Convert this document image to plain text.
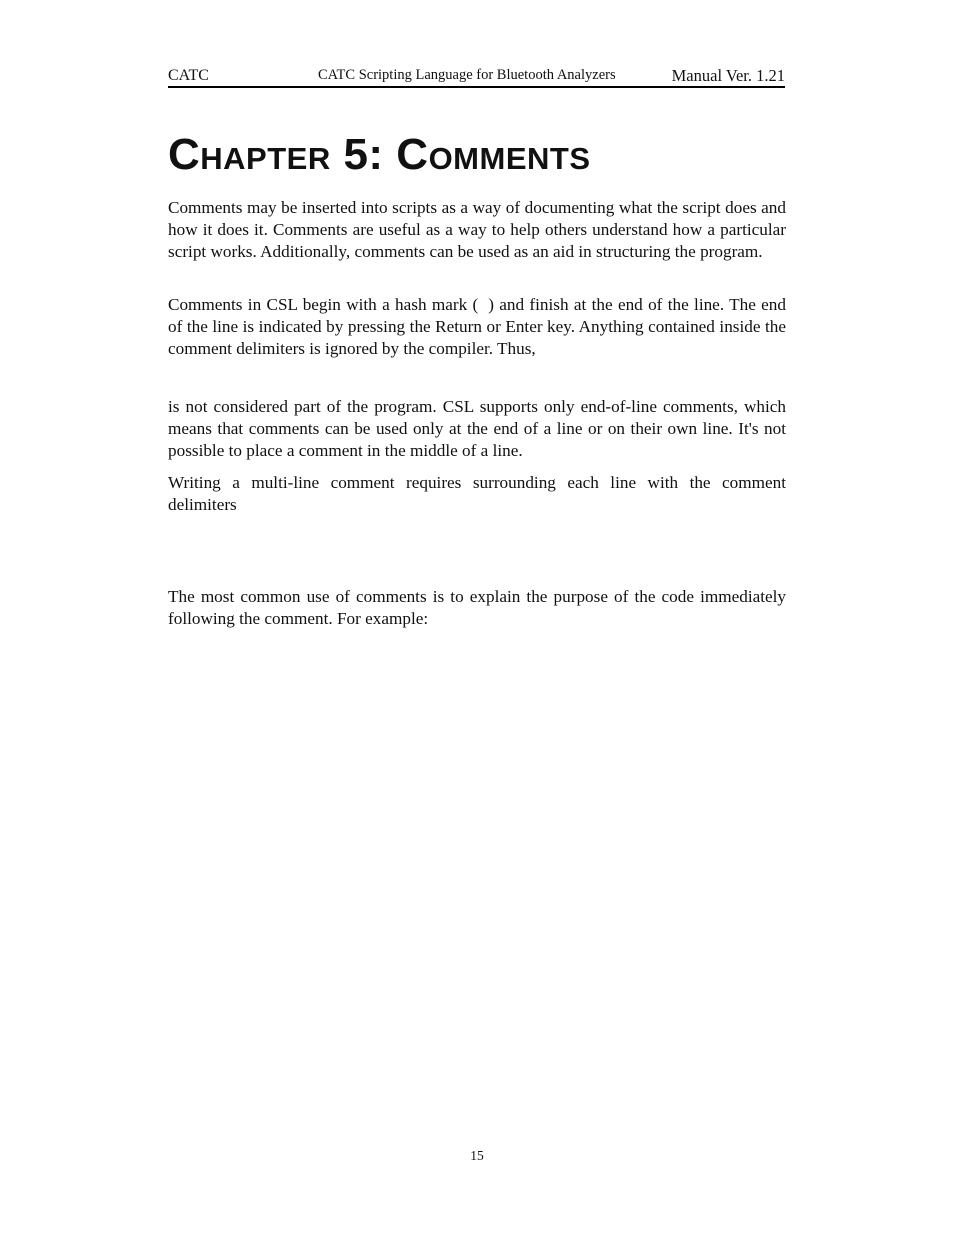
CATC	CATC Scripting Language for Bluetooth Analyzers	Manual Ver. 1.21
Chapter 5: Comments

Comments may be inserted into scripts as a way of documenting what the script does and how it does it. Comments are useful as a way to help others understand how a particular script works. Additionally, comments can be used as an aid in structuring the program.

Comments in CSL begin with a hash mark ( ) and finish at the end of the line. The end of the line is indicated by pressing the Return or Enter key. Anything contained inside the comment delimiters is ignored by the compiler. Thus,

is not considered part of the program. CSL supports only end-of-line comments, which means that comments can be used only at the end of a line or on their own line. It's not possible to place a comment in the middle of a line.

Writing a multi-line comment requires surrounding each line with the comment delimiters

The most common use of comments is to explain the purpose of the code immediately following the comment. For example:

15
